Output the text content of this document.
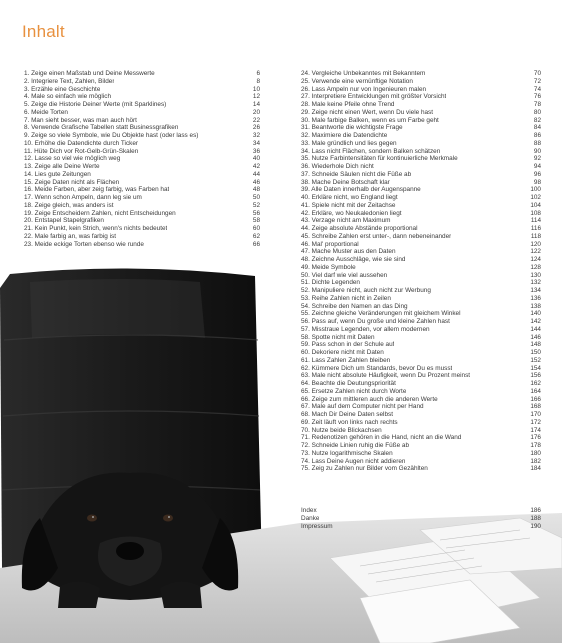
Inhalt
1. Zeige einen Maßstab und Deine Messwerte	6
2. Integriere Text, Zahlen, Bilder	8
3. Erzähle eine Geschichte	10
4. Male so einfach wie möglich	12
5. Zeige die Historie Deiner Werte (mit Sparklines)	14
6. Meide Torten	20
7. Man sieht besser, was man auch hört	22
8. Verwende Grafische Tabellen statt Businessgrafiken	26
9. Zeige so viele Symbole, wie Du Objekte hast (oder lass es)	32
10. Erhöhe die Datendichte durch Ticker	34
11. Hüte Dich vor Rot-Gelb-Grün-Skalen	36
12. Lasse so viel wie möglich weg	40
13. Zeige alle Deine Werte	42
14. Lies gute Zeitungen	44
15. Zeige Daten nicht als Flächen	46
16. Meide Farben, aber zeig farbig, was Farben hat	48
17. Wenn schon Ampeln, dann leg sie um	50
18. Zeige gleich, was anders ist	52
19. Zeige Entscheidern Zahlen, nicht Entscheidungen	56
20. Entstapel Stapelgrafiken	58
21. Kein Punkt, kein Strich, wenn's nichts bedeutet	60
22. Male farbig an, was farbig ist	62
23. Meide eckige Torten ebenso wie runde	66
24. Vergleiche Unbekanntes mit Bekanntem	70
25. Verwende eine vernünftige Notation	72
26. Lass Ampeln nur von Ingenieuren malen	74
27. Interpretiere Entwicklungen mit größter Vorsicht	76
28. Male keine Pfeile ohne Trend	78
29. Zeige nicht einen Wert, wenn Du viele hast	80
30. Male farbige Balken, wenn es um Farbe geht	82
31. Beantworte die wichtigste Frage	84
32. Maximiere die Datendichte	86
33. Male gründlich und lies gegen	88
34. Lass nicht Flächen, sondern Balken schätzen	90
35. Nutze Farbintensitäten für kontinuierliche Merkmale	92
36. Wiederhole Dich nicht	94
37. Schneide Säulen nicht die Füße ab	96
38. Mache Deine Botschaft klar	98
39. Alle Daten innerhalb der Augenspanne	100
40. Erkläre nicht, wo England liegt	102
41. Spiele nicht mit der Zeitachse	104
42. Erkläre, wo Neukaledonien liegt	108
43. Verzage nicht am Maximum	114
44. Zeige absolute Abstände proportional	116
45. Schreibe Zahlen erst unter-, dann nebeneinander	118
46. Mal' proportional	120
47. Mache Muster aus den Daten	122
48. Zeichne Ausschläge, wie sie sind	124
49. Meide Symbole	128
50. Viel darf wie viel aussehen	130
51. Dichte Legenden	132
52. Manipuliere nicht, auch nicht zur Werbung	134
53. Reihe Zahlen nicht in Zeilen	136
54. Schreibe den Namen an das Ding	138
55. Zeichne gleiche Veränderungen mit gleichem Winkel	140
56. Pass auf, wenn Du große und kleine Zahlen hast	142
57. Misstraue Legenden, vor allem modernen	144
58. Spotte nicht mit Daten	146
59. Pass schon in der Schule auf	148
60. Dekoriere nicht mit Daten	150
61. Lass Zahlen Zahlen bleiben	152
62. Kümmere Dich um Standards, bevor Du es musst	154
63. Male nicht absolute Häufigkeit, wenn Du Prozent meinst	156
64. Beachte die Deutungspriorität	162
65. Ersetze Zahlen nicht durch Worte	164
66. Zeige zum mittleren auch die anderen Werte	166
67. Male auf dem Computer nicht per Hand	168
68. Mach Dir Deine Daten selbst	170
69. Zeit läuft von links nach rechts	172
70. Nutze beide Blickachsen	174
71. Redenotizen gehören in die Hand, nicht an die Wand	176
72. Schneide Linien ruhig die Füße ab	178
73. Nutze logarithmische Skalen	180
74. Lass Deine Augen nicht addieren	182
75. Zeig zu Zahlen nur Bilder vom Gezählten	184
Index	186
Danke	188
Impressum	190
